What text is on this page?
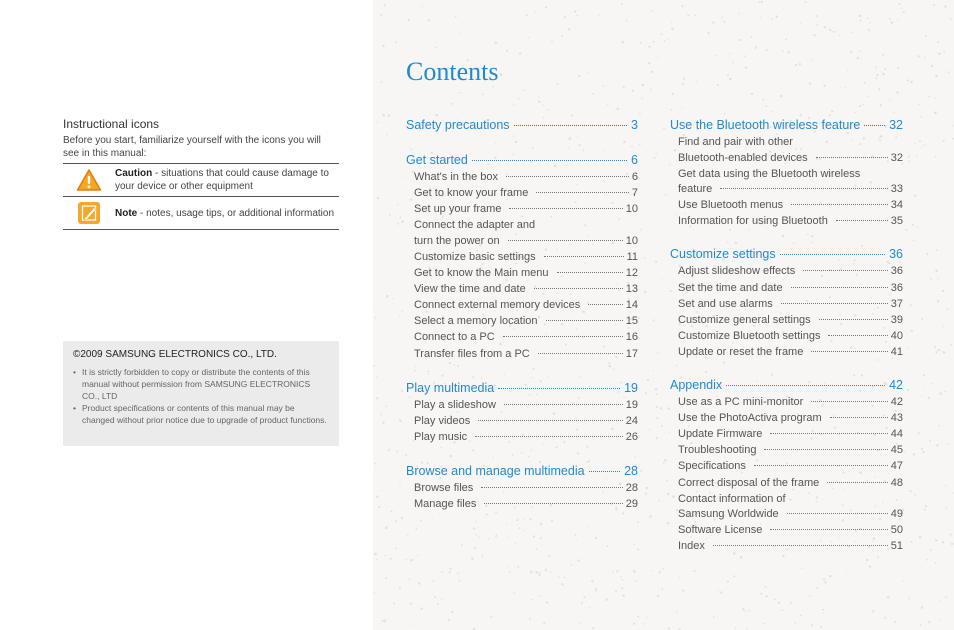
Instructional icons
Before you start, familiarize yourself with the icons you will see in this manual:
Caution - situations that could cause damage to your device or other equipment
Note - notes, usage tips, or additional information
©2009 SAMSUNG ELECTRONICS CO., LTD.
• It is strictly forbidden to copy or distribute the contents of this manual without permission from SAMSUNG ELECTRONICS CO., LTD
• Product specifications or contents of this manual may be changed without prior notice due to upgrade of product functions.
Contents
Safety precautions	3
Get started	6
What's in the box	6
Get to know your frame	7
Set up your frame	10
Connect the adapter and
turn the power on	10
Customize basic settings	11
Get to know the Main menu	12
View the time and date	13
Connect external memory devices	14
Select a memory location	15
Connect to a PC	16
Transfer files from a PC	17
Play multimedia	19
Play a slideshow	19
Play videos	24
Play music	26
Browse and manage multimedia	28
Browse files	28
Manage files	29
Use the Bluetooth wireless feature 32
Find and pair with other
Bluetooth-enabled devices	32
Get data using the Bluetooth wireless
feature	33
Use Bluetooth menus	34
Information for using Bluetooth	35
Customize settings	36
Adjust slideshow effects	36
Set the time and date	36
Set and use alarms	37
Customize general settings	39
Customize Bluetooth settings	40
Update or reset the frame	41
Appendix	42
Use as a PC mini-monitor	42
Use the PhotoActiva program	43
Update Firmware	44
Troubleshooting	45
Specifications	47
Correct disposal of the frame	48
Contact information of
Samsung Worldwide	49
Software License	50
Index	51
